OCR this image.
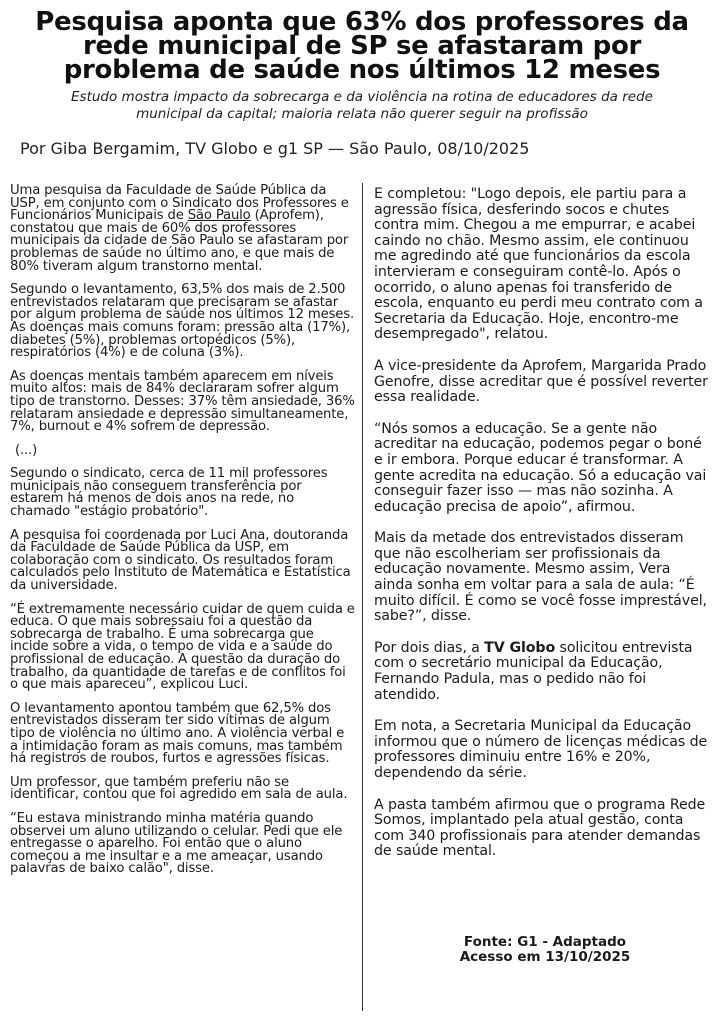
Pesquisa aponta que 63% dos professores da rede municipal de SP se afastaram por problema de saúde nos últimos 12 meses

Estudo mostra impacto da sobrecarga e da violência na rotina de educadores da rede municipal da capital; maioria relata não querer seguir na profissão

Por Giba Bergamim, TV Globo e g1 SP — São Paulo, 08/10/2025

Uma pesquisa da Faculdade de Saúde Pública da USP, em conjunto com o Sindicato dos Professores e Funcionários Municipais de São Paulo (Aprofem), constatou que mais de 60% dos professores municipais da cidade de São Paulo se afastaram por problemas de saúde no último ano, e que mais de 80% tiveram algum transtorno mental.

Segundo o levantamento, 63,5% dos mais de 2.500 entrevistados relataram que precisaram se afastar por algum problema de saúde nos últimos 12 meses. As doenças mais comuns foram: pressão alta (17%), diabetes (5%), problemas ortopédicos (5%), respiratórios (4%) e de coluna (3%).

As doenças mentais também aparecem em níveis muito altos: mais de 84% declararam sofrer algum tipo de transtorno. Desses: 37% têm ansiedade, 36% relataram ansiedade e depressão simultaneamente, 7%, burnout e 4% sofrem de depressão.

(...)

Segundo o sindicato, cerca de 11 mil professores municipais não conseguem transferência por estarem há menos de dois anos na rede, no chamado "estágio probatório".

A pesquisa foi coordenada por Luci Ana, doutoranda da Faculdade de Saúde Pública da USP, em colaboração com o sindicato. Os resultados foram calculados pelo Instituto de Matemática e Estatística da universidade.

“É extremamente necessário cuidar de quem cuida e educa. O que mais sobressaiu foi a questão da sobrecarga de trabalho. É uma sobrecarga que incide sobre a vida, o tempo de vida e a saúde do profissional de educação. A questão da duração do trabalho, da quantidade de tarefas e de conflitos foi o que mais apareceu”, explicou Luci.

O levantamento apontou também que 62,5% dos entrevistados disseram ter sido vítimas de algum tipo de violência no último ano. A violência verbal e a intimidação foram as mais comuns, mas também há registros de roubos, furtos e agressões físicas.

Um professor, que também preferiu não se identificar, contou que foi agredido em sala de aula.

“Eu estava ministrando minha matéria quando observei um aluno utilizando o celular. Pedi que ele entregasse o aparelho. Foi então que o aluno começou a me insultar e a me ameaçar, usando palavras de baixo calão", disse.

E completou: "Logo depois, ele partiu para a agressão física, desferindo socos e chutes contra mim. Chegou a me empurrar, e acabei caindo no chão. Mesmo assim, ele continuou me agredindo até que funcionários da escola intervieram e conseguiram contê-lo. Após o ocorrido, o aluno apenas foi transferido de escola, enquanto eu perdi meu contrato com a Secretaria da Educação. Hoje, encontro-me desempregado", relatou.

A vice-presidente da Aprofem, Margarida Prado Genofre, disse acreditar que é possível reverter essa realidade.

“Nós somos a educação. Se a gente não acreditar na educação, podemos pegar o boné e ir embora. Porque educar é transformar. A gente acredita na educação. Só a educação vai conseguir fazer isso — mas não sozinha. A educação precisa de apoio”, afirmou.

Mais da metade dos entrevistados disseram que não escolheriam ser profissionais da educação novamente. Mesmo assim, Vera ainda sonha em voltar para a sala de aula: “É muito difícil. É como se você fosse imprestável, sabe?”, disse.

Por dois dias, a TV Globo solicitou entrevista com o secretário municipal da Educação, Fernando Padula, mas o pedido não foi atendido.

Em nota, a Secretaria Municipal da Educação informou que o número de licenças médicas de professores diminuiu entre 16% e 20%, dependendo da série.

A pasta também afirmou que o programa Rede Somos, implantado pela atual gestão, conta com 340 profissionais para atender demandas de saúde mental.

Fonte: G1 - Adaptado
Acesso em 13/10/2025
